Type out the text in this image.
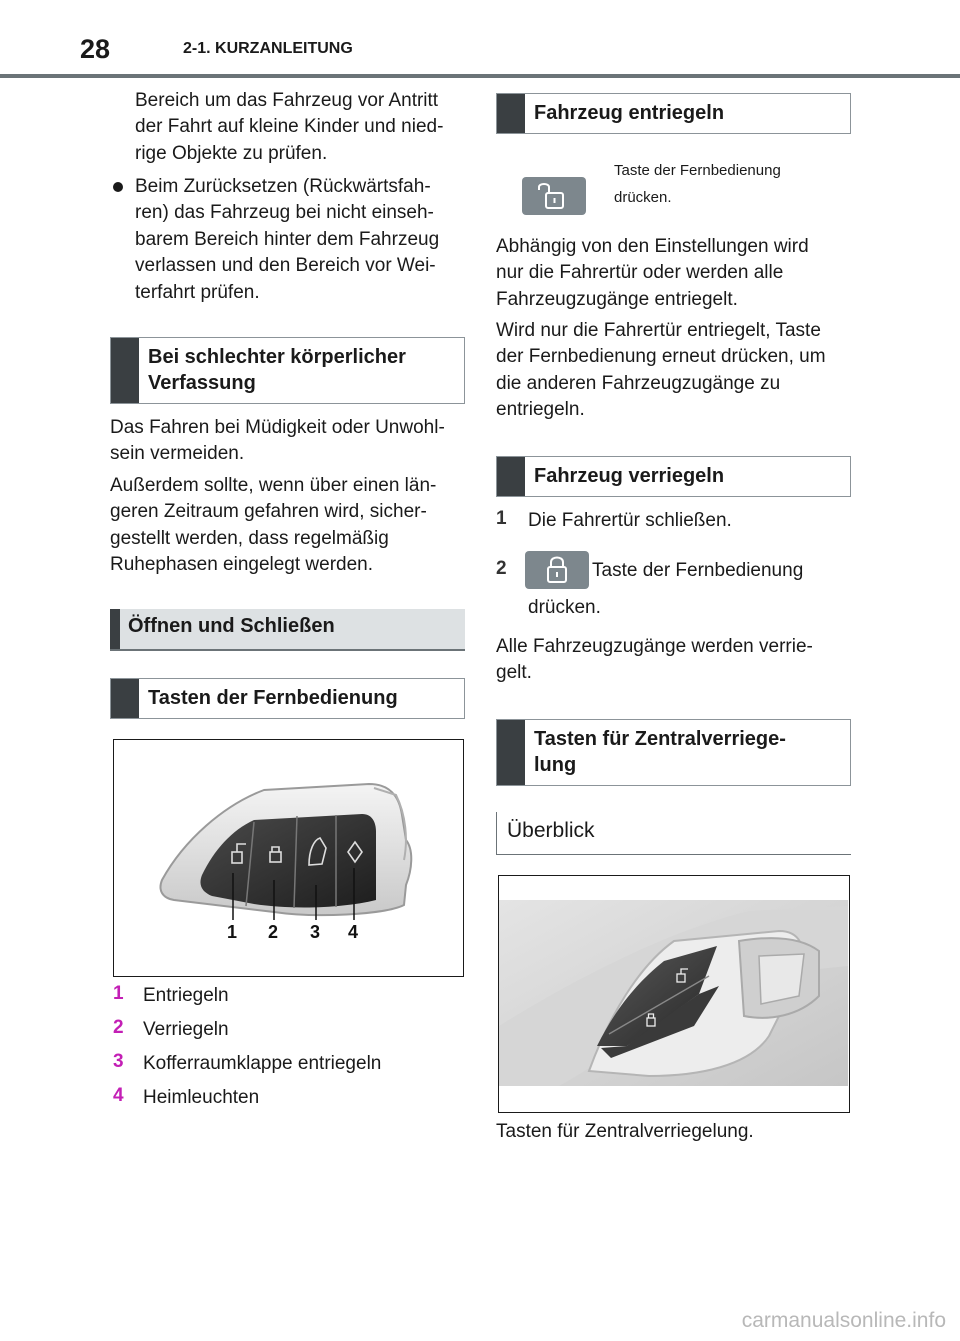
28	2-1. KURZANLEITUNG
Bereich um das Fahrzeug vor Antritt
der Fahrt auf kleine Kinder und nied-
rige Objekte zu prüfen.
Beim Zurücksetzen (Rückwärtsfah-
ren) das Fahrzeug bei nicht einseh-
barem Bereich hinter dem Fahrzeug
verlassen und den Bereich vor Wei-
terfahrt prüfen.
Bei schlechter körperlicher
Verfassung
Das Fahren bei Müdigkeit oder Unwohl-
sein vermeiden.
Außerdem sollte, wenn über einen län-
geren Zeitraum gefahren wird, sicher-
gestellt werden, dass regelmäßig
Ruhephasen eingelegt werden.
Öffnen und Schließen
Tasten der Fernbedienung
1 2 3 4
1 Entriegeln
2 Verriegeln
3 Kofferraumklappe entriegeln
4 Heimleuchten
Fahrzeug entriegeln
Taste der Fernbedienung
drücken.
Abhängig von den Einstellungen wird
nur die Fahrertür oder werden alle
Fahrzeugzugänge entriegelt.
Wird nur die Fahrertür entriegelt, Taste
der Fernbedienung erneut drücken, um
die anderen Fahrzeugzugänge zu
entriegeln.
Fahrzeug verriegeln
1 Die Fahrertür schließen.
2	Taste der Fernbedienung
drücken.
Alle Fahrzeugzugänge werden verrie-
gelt.
Tasten für Zentralverriege-
lung
Überblick
Tasten für Zentralverriegelung.
carmanualsonline.info
